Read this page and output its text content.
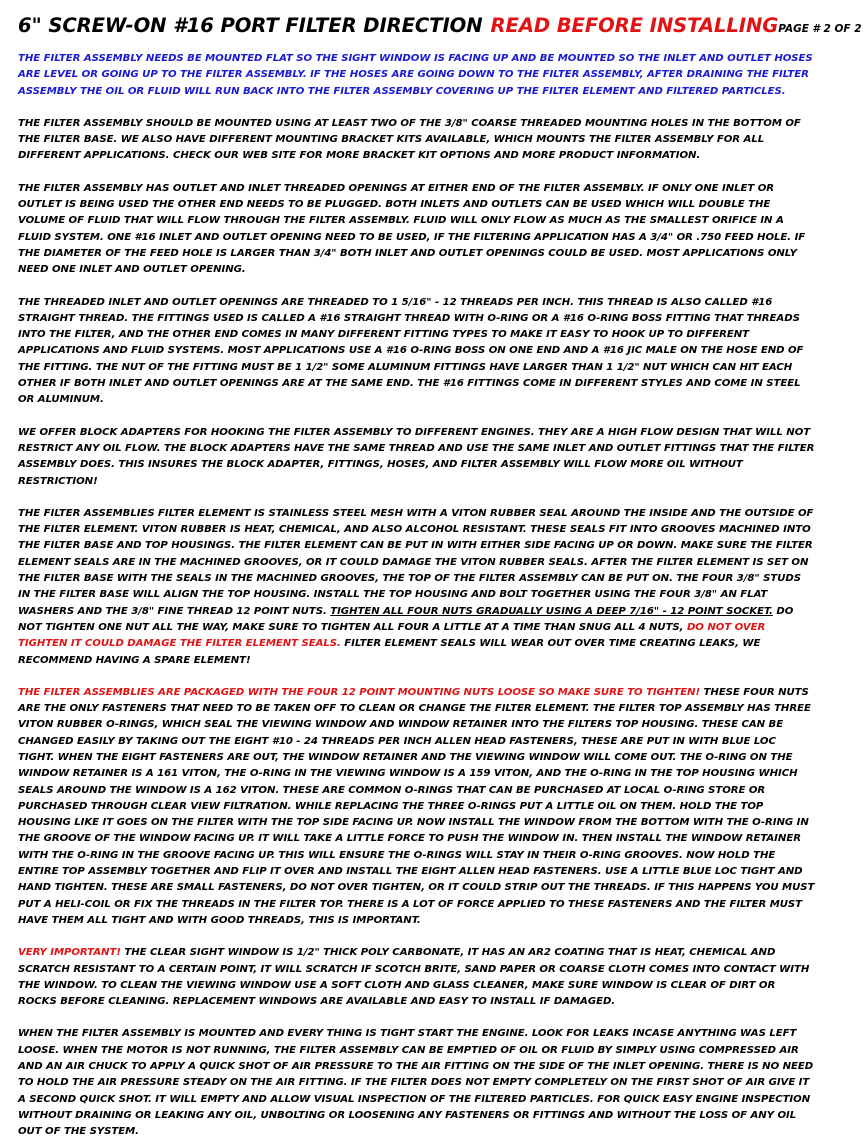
6" SCREW-ON #16 PORT FILTER DIRECTION READ BEFORE INSTALLING PAGE # 2 OF 2

THE FILTER ASSEMBLY NEEDS BE MOUNTED FLAT SO THE SIGHT WINDOW IS FACING UP AND BE MOUNTED SO THE INLET AND OUTLET HOSES ARE LEVEL OR GOING UP TO THE FILTER ASSEMBLY. IF THE HOSES ARE GOING DOWN TO THE FILTER ASSEMBLY, AFTER DRAINING THE FILTER ASSEMBLY THE OIL OR FLUID WILL RUN BACK INTO THE FILTER ASSEMBLY COVERING UP THE FILTER ELEMENT AND FILTERED PARTICLES.

THE FILTER ASSEMBLY SHOULD BE MOUNTED USING AT LEAST TWO OF THE 3/8" COARSE THREADED MOUNTING HOLES IN THE BOTTOM OF THE FILTER BASE. WE ALSO HAVE DIFFERENT MOUNTING BRACKET KITS AVAILABLE, WHICH MOUNTS THE FILTER ASSEMBLY FOR ALL DIFFERENT APPLICATIONS. CHECK OUR WEB SITE FOR MORE BRACKET KIT OPTIONS AND MORE PRODUCT INFORMATION.

THE FILTER ASSEMBLY HAS OUTLET AND INLET THREADED OPENINGS AT EITHER END OF THE FILTER ASSEMBLY. IF ONLY ONE INLET OR OUTLET IS BEING USED THE OTHER END NEEDS TO BE PLUGGED. BOTH INLETS AND OUTLETS CAN BE USED WHICH WILL DOUBLE THE VOLUME OF FLUID THAT WILL FLOW THROUGH THE FILTER ASSEMBLY. FLUID WILL ONLY FLOW AS MUCH AS THE SMALLEST ORIFICE IN A FLUID SYSTEM. ONE #16 INLET AND OUTLET OPENING NEED TO BE USED, IF THE FILTERING APPLICATION HAS A 3/4" OR .750 FEED HOLE. IF THE DIAMETER OF THE FEED HOLE IS LARGER THAN 3/4" BOTH INLET AND OUTLET OPENINGS COULD BE USED. MOST APPLICATIONS ONLY NEED ONE INLET AND OUTLET OPENING.

THE THREADED INLET AND OUTLET OPENINGS ARE THREADED TO 1 5/16" - 12 THREADS PER INCH. THIS THREAD IS ALSO CALLED #16 STRAIGHT THREAD. THE FITTINGS USED IS CALLED A #16 STRAIGHT THREAD WITH O-RING OR A #16 O-RING BOSS FITTING THAT THREADS INTO THE FILTER, AND THE OTHER END COMES IN MANY DIFFERENT FITTING TYPES TO MAKE IT EASY TO HOOK UP TO DIFFERENT APPLICATIONS AND FLUID SYSTEMS. MOST APPLICATIONS USE A #16 O-RING BOSS ON ONE END AND A #16 JIC MALE ON THE HOSE END OF THE FITTING. THE NUT OF THE FITTING MUST BE 1 1/2" SOME ALUMINUM FITTINGS HAVE LARGER THAN 1 1/2" NUT WHICH CAN HIT EACH OTHER IF BOTH INLET AND OUTLET OPENINGS ARE AT THE SAME END. THE #16 FITTINGS COME IN DIFFERENT STYLES AND COME IN STEEL OR ALUMINUM.

WE OFFER BLOCK ADAPTERS FOR HOOKING THE FILTER ASSEMBLY TO DIFFERENT ENGINES. THEY ARE A HIGH FLOW DESIGN THAT WILL NOT RESTRICT ANY OIL FLOW. THE BLOCK ADAPTERS HAVE THE SAME THREAD AND USE THE SAME INLET AND OUTLET FITTINGS THAT THE FILTER ASSEMBLY DOES. THIS INSURES THE BLOCK ADAPTER, FITTINGS, HOSES, AND FILTER ASSEMBLY WILL FLOW MORE OIL WITHOUT RESTRICTION!

THE FILTER ASSEMBLIES FILTER ELEMENT IS STAINLESS STEEL MESH WITH A VITON RUBBER SEAL AROUND THE INSIDE AND THE OUTSIDE OF THE FILTER ELEMENT. VITON RUBBER IS HEAT, CHEMICAL, AND ALSO ALCOHOL RESISTANT. THESE SEALS FIT INTO GROOVES MACHINED INTO THE FILTER BASE AND TOP HOUSINGS. THE FILTER ELEMENT CAN BE PUT IN WITH EITHER SIDE FACING UP OR DOWN. MAKE SURE THE FILTER ELEMENT SEALS ARE IN THE MACHINED GROOVES, OR IT COULD DAMAGE THE VITON RUBBER SEALS. AFTER THE FILTER ELEMENT IS SET ON THE FILTER BASE WITH THE SEALS IN THE MACHINED GROOVES, THE TOP OF THE FILTER ASSEMBLY CAN BE PUT ON. THE FOUR 3/8" STUDS IN THE FILTER BASE WILL ALIGN THE TOP HOUSING. INSTALL THE TOP HOUSING AND BOLT TOGETHER USING THE FOUR 3/8" AN FLAT WASHERS AND THE 3/8" FINE THREAD 12 POINT NUTS. TIGHTEN ALL FOUR NUTS GRADUALLY USING A DEEP 7/16" - 12 POINT SOCKET. DO NOT TIGHTEN ONE NUT ALL THE WAY, MAKE SURE TO TIGHTEN ALL FOUR A LITTLE AT A TIME THAN SNUG ALL 4 NUTS, DO NOT OVER TIGHTEN IT COULD DAMAGE THE FILTER ELEMENT SEALS. FILTER ELEMENT SEALS WILL WEAR OUT OVER TIME CREATING LEAKS, WE RECOMMEND HAVING A SPARE ELEMENT!

THE FILTER ASSEMBLIES ARE PACKAGED WITH THE FOUR 12 POINT MOUNTING NUTS LOOSE SO MAKE SURE TO TIGHTEN! THESE FOUR NUTS ARE THE ONLY FASTENERS THAT NEED TO BE TAKEN OFF TO CLEAN OR CHANGE THE FILTER ELEMENT. THE FILTER TOP ASSEMBLY HAS THREE VITON RUBBER O-RINGS, WHICH SEAL THE VIEWING WINDOW AND WINDOW RETAINER INTO THE FILTERS TOP HOUSING. THESE CAN BE CHANGED EASILY BY TAKING OUT THE EIGHT #10 - 24 THREADS PER INCH ALLEN HEAD FASTENERS, THESE ARE PUT IN WITH BLUE LOC TIGHT. WHEN THE EIGHT FASTENERS ARE OUT, THE WINDOW RETAINER AND THE VIEWING WINDOW WILL COME OUT. THE O-RING ON THE WINDOW RETAINER IS A 161 VITON, THE O-RING IN THE VIEWING WINDOW IS A 159 VITON, AND THE O-RING IN THE TOP HOUSING WHICH SEALS AROUND THE WINDOW IS A 162 VITON. THESE ARE COMMON O-RINGS THAT CAN BE PURCHASED AT LOCAL O-RING STORE OR PURCHASED THROUGH CLEAR VIEW FILTRATION. WHILE REPLACING THE THREE O-RINGS PUT A LITTLE OIL ON THEM. HOLD THE TOP HOUSING LIKE IT GOES ON THE FILTER WITH THE TOP SIDE FACING UP. NOW INSTALL THE WINDOW FROM THE BOTTOM WITH THE O-RING IN THE GROOVE OF THE WINDOW FACING UP. IT WILL TAKE A LITTLE FORCE TO PUSH THE WINDOW IN. THEN INSTALL THE WINDOW RETAINER WITH THE O-RING IN THE GROOVE FACING UP. THIS WILL ENSURE THE O-RINGS WILL STAY IN THEIR O-RING GROOVES. NOW HOLD THE ENTIRE TOP ASSEMBLY TOGETHER AND FLIP IT OVER AND INSTALL THE EIGHT ALLEN HEAD FASTENERS. USE A LITTLE BLUE LOC TIGHT AND HAND TIGHTEN. THESE ARE SMALL FASTENERS, DO NOT OVER TIGHTEN, OR IT COULD STRIP OUT THE THREADS. IF THIS HAPPENS YOU MUST PUT A HELI-COIL OR FIX THE THREADS IN THE FILTER TOP. THERE IS A LOT OF FORCE APPLIED TO THESE FASTENERS AND THE FILTER MUST HAVE THEM ALL TIGHT AND WITH GOOD THREADS, THIS IS IMPORTANT.

VERY IMPORTANT! THE CLEAR SIGHT WINDOW IS 1/2" THICK POLY CARBONATE, IT HAS AN AR2 COATING THAT IS HEAT, CHEMICAL AND SCRATCH RESISTANT TO A CERTAIN POINT, IT WILL SCRATCH IF SCOTCH BRITE, SAND PAPER OR COARSE CLOTH COMES INTO CONTACT WITH THE WINDOW. TO CLEAN THE VIEWING WINDOW USE A SOFT CLOTH AND GLASS CLEANER, MAKE SURE WINDOW IS CLEAR OF DIRT OR ROCKS BEFORE CLEANING. REPLACEMENT WINDOWS ARE AVAILABLE AND EASY TO INSTALL IF DAMAGED.

WHEN THE FILTER ASSEMBLY IS MOUNTED AND EVERY THING IS TIGHT START THE ENGINE. LOOK FOR LEAKS INCASE ANYTHING WAS LEFT LOOSE. WHEN THE MOTOR IS NOT RUNNING, THE FILTER ASSEMBLY CAN BE EMPTIED OF OIL OR FLUID BY SIMPLY USING COMPRESSED AIR AND AN AIR CHUCK TO APPLY A QUICK SHOT OF AIR PRESSURE TO THE AIR FITTING ON THE SIDE OF THE INLET OPENING. THERE IS NO NEED TO HOLD THE AIR PRESSURE STEADY ON THE AIR FITTING. IF THE FILTER DOES NOT EMPTY COMPLETELY ON THE FIRST SHOT OF AIR GIVE IT A SECOND QUICK SHOT. IT WILL EMPTY AND ALLOW VISUAL INSPECTION OF THE FILTERED PARTICLES. FOR QUICK EASY ENGINE INSPECTION WITHOUT DRAINING OR LEAKING ANY OIL, UNBOLTING OR LOOSENING ANY FASTENERS OR FITTINGS AND WITHOUT THE LOSS OF ANY OIL OUT OF THE SYSTEM.
